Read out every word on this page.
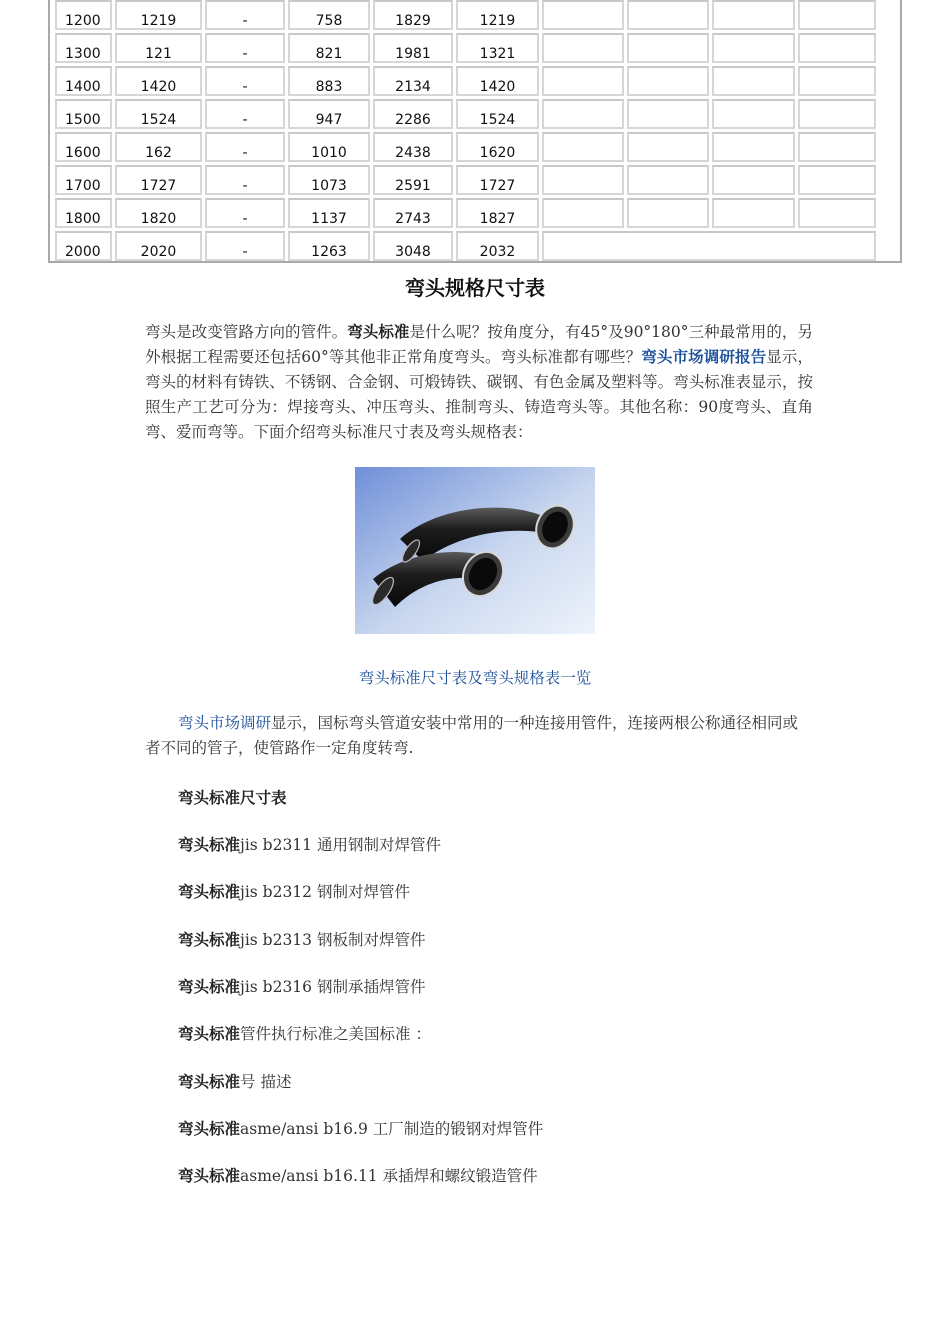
1200	1219	-	758	1829	1219				
1300	121	-	821	1981	1321				
1400	1420	-	883	2134	1420				
1500	1524	-	947	2286	1524				
1600	162	-	1010	2438	1620				
1700	1727	-	1073	2591	1727				
1800	1820	-	1137	2743	1827				
2000	2020	-	1263	3048	2032				
弯头规格尺寸表
弯头是改变管路方向的管件。弯头标准是什么呢？按角度分，有45°及90°180°三种最常用的，另外根据工程需要还包括60°等其他非正常角度弯头。弯头标准都有哪些？弯头市场调研报告显示，弯头的材料有铸铁、不锈钢、合金钢、可煅铸铁、碳钢、有色金属及塑料等。弯头标准表显示，按照生产工艺可分为：焊接弯头、冲压弯头、推制弯头、铸造弯头等。其他名称：90度弯头、直角弯、爱而弯等。下面介绍弯头标准尺寸表及弯头规格表：
弯头标准尺寸表及弯头规格表一览
弯头市场调研显示，国标弯头管道安装中常用的一种连接用管件，连接两根公称通径相同或者不同的管子，使管路作一定角度转弯.
弯头标准尺寸表
弯头标准jis b2311 通用钢制对焊管件
弯头标准jis b2312 钢制对焊管件
弯头标准jis b2313 钢板制对焊管件
弯头标准jis b2316 钢制承插焊管件
弯头标准管件执行标准之美国标准 ：
弯头标准号 描述
弯头标准asme/ansi b16.9 工厂制造的锻钢对焊管件
弯头标准asme/ansi b16.11 承插焊和螺纹锻造管件
